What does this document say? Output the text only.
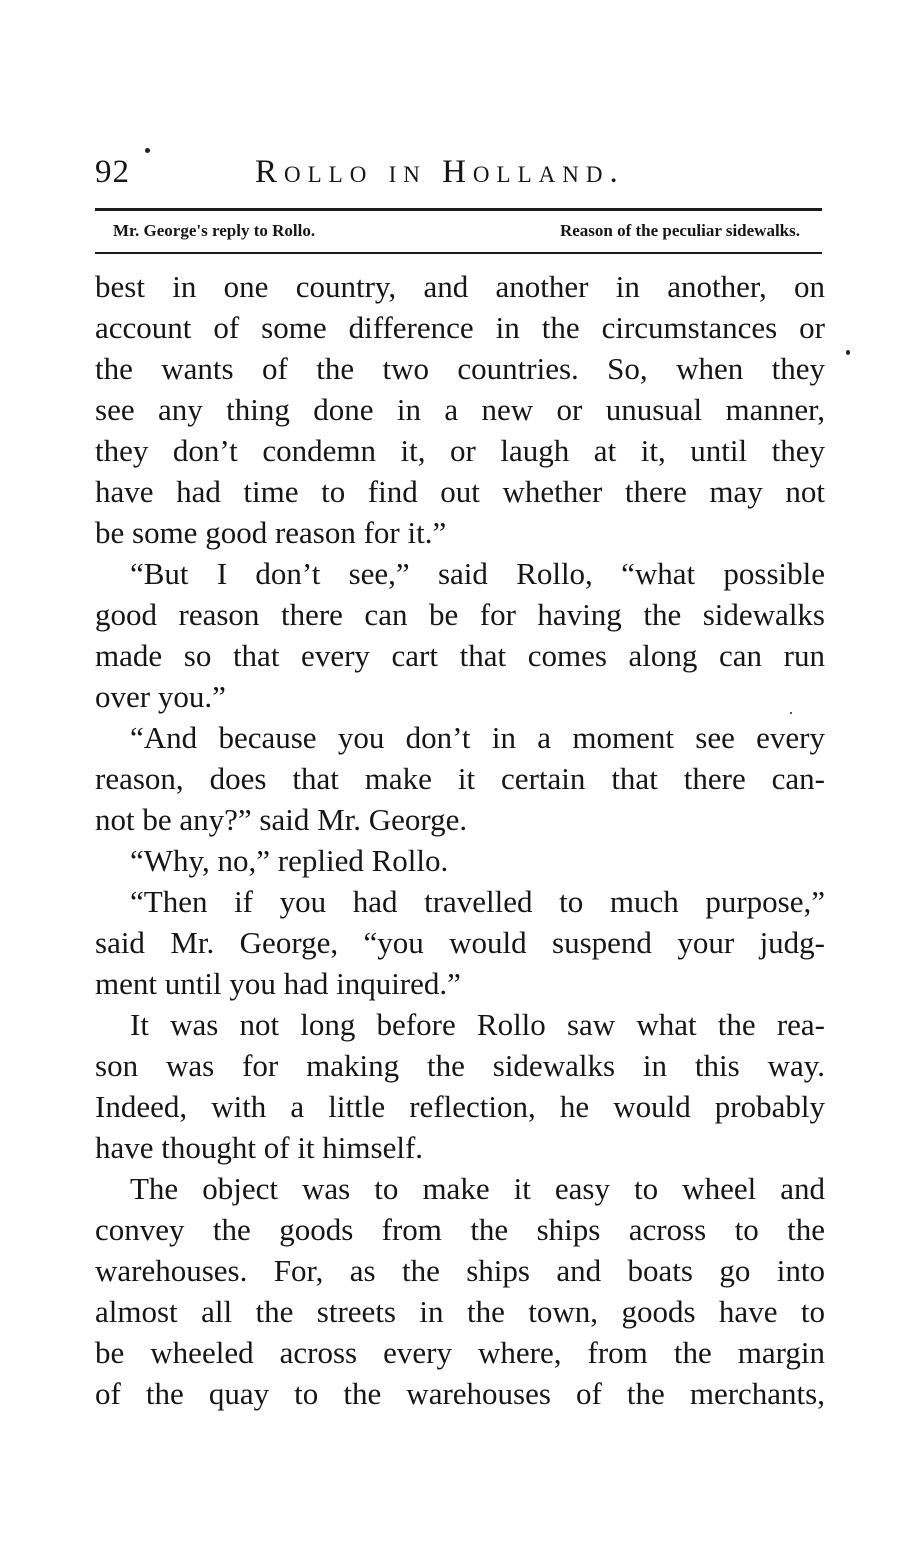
92	Rollo in Holland.
Mr. George's reply to Rollo.	Reason of the peculiar sidewalks.
best in one country, and another in another, on
account of some difference in the circumstances or
the wants of the two countries. So, when they
see any thing done in a new or unusual manner,
they don’t condemn it, or laugh at it, until they
have had time to find out whether there may not
be some good reason for it.”
“But I don’t see,” said Rollo, “what possible
good reason there can be for having the sidewalks
made so that every cart that comes along can run
over you.”
“And because you don’t in a moment see every
reason, does that make it certain that there can-
not be any?” said Mr. George.
“Why, no,” replied Rollo.
“Then if you had travelled to much purpose,”
said Mr. George, “you would suspend your judg-
ment until you had inquired.”
It was not long before Rollo saw what the rea-
son was for making the sidewalks in this way.
Indeed, with a little reflection, he would probably
have thought of it himself.
The object was to make it easy to wheel and
convey the goods from the ships across to the
warehouses. For, as the ships and boats go into
almost all the streets in the town, goods have to
be wheeled across every where, from the margin
of the quay to the warehouses of the merchants,
